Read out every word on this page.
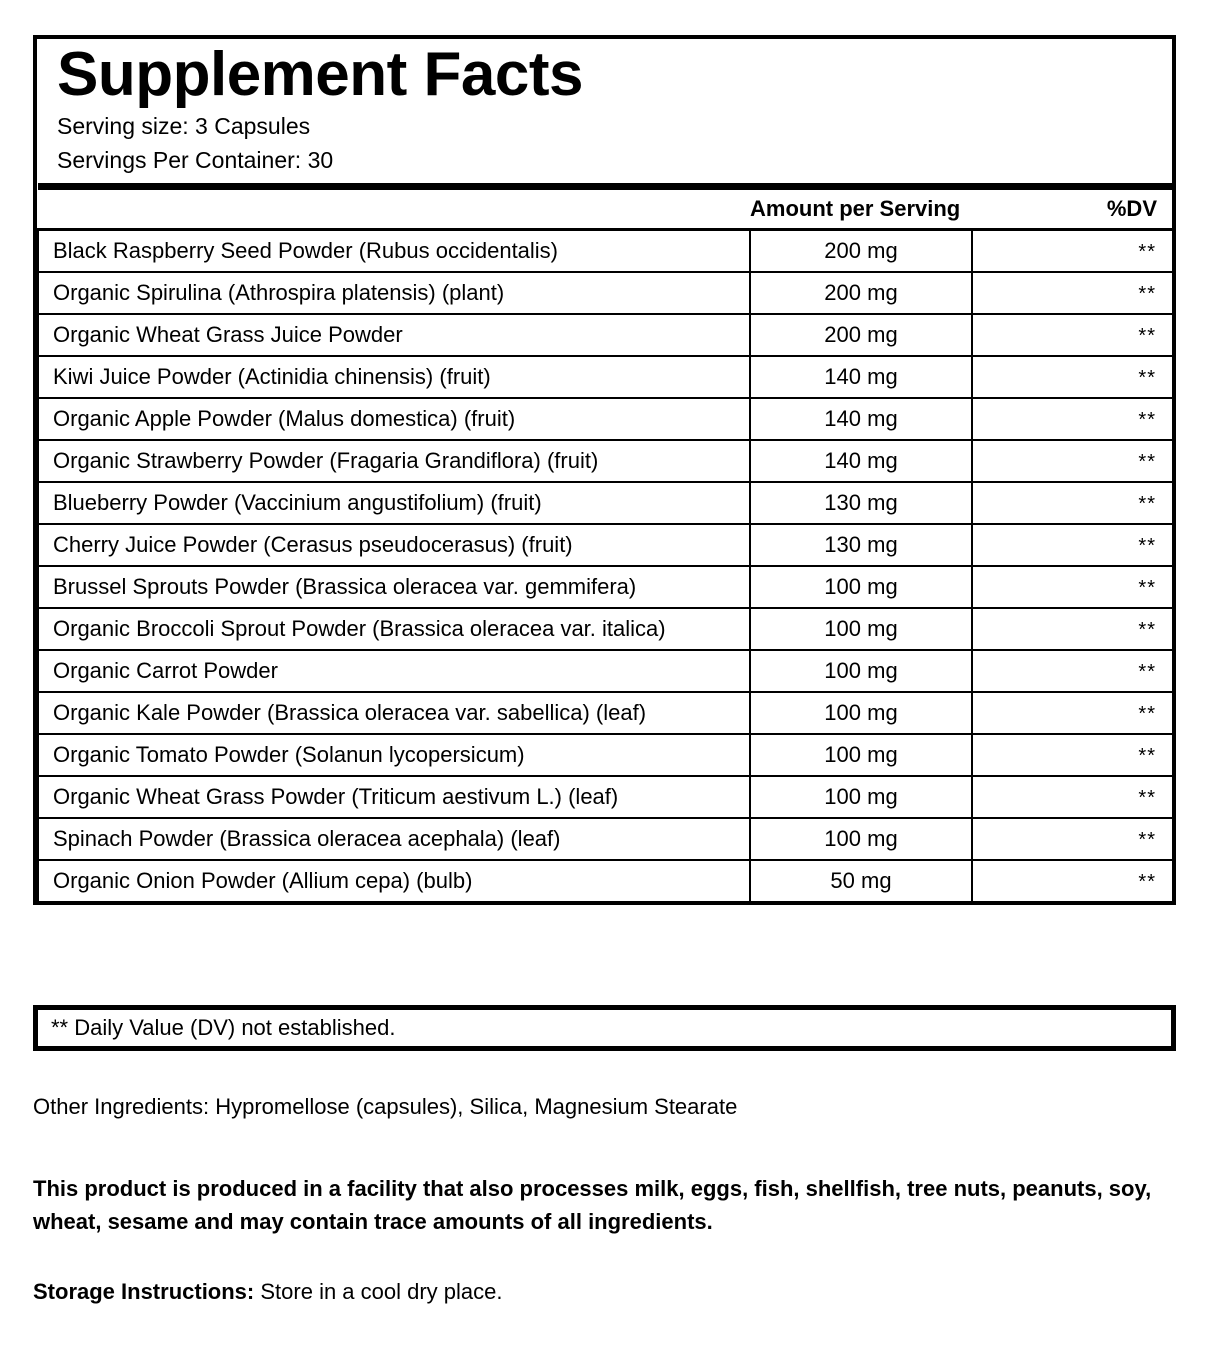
Supplement Facts
Serving size: 3 Capsules
Servings Per Container: 30
	Amount per Serving	%DV
Black Raspberry Seed Powder (Rubus occidentalis)	200 mg	**
Organic Spirulina (Athrospira platensis) (plant)	200 mg	**
Organic Wheat Grass Juice Powder	200 mg	**
Kiwi Juice Powder (Actinidia chinensis) (fruit)	140 mg	**
Organic Apple Powder (Malus domestica) (fruit)	140 mg	**
Organic Strawberry Powder (Fragaria Grandiflora) (fruit)	140 mg	**
Blueberry Powder (Vaccinium angustifolium) (fruit)	130 mg	**
Cherry Juice Powder (Cerasus pseudocerasus) (fruit)	130 mg	**
Brussel Sprouts Powder (Brassica oleracea var. gemmifera)	100 mg	**
Organic Broccoli Sprout Powder (Brassica oleracea var. italica)	100 mg	**
Organic Carrot Powder	100 mg	**
Organic Kale Powder (Brassica oleracea var. sabellica) (leaf)	100 mg	**
Organic Tomato Powder (Solanun lycopersicum)	100 mg	**
Organic Wheat Grass Powder (Triticum aestivum L.) (leaf)	100 mg	**
Spinach Powder (Brassica oleracea acephala) (leaf)	100 mg	**
Organic Onion Powder (Allium cepa) (bulb)	50 mg	**
** Daily Value (DV) not established.
Other Ingredients: Hypromellose (capsules), Silica, Magnesium Stearate
This product is produced in a facility that also processes milk, eggs, fish, shellfish, tree nuts, peanuts, soy, wheat, sesame and may contain trace amounts of all ingredients.
Storage Instructions: Store in a cool dry place.
